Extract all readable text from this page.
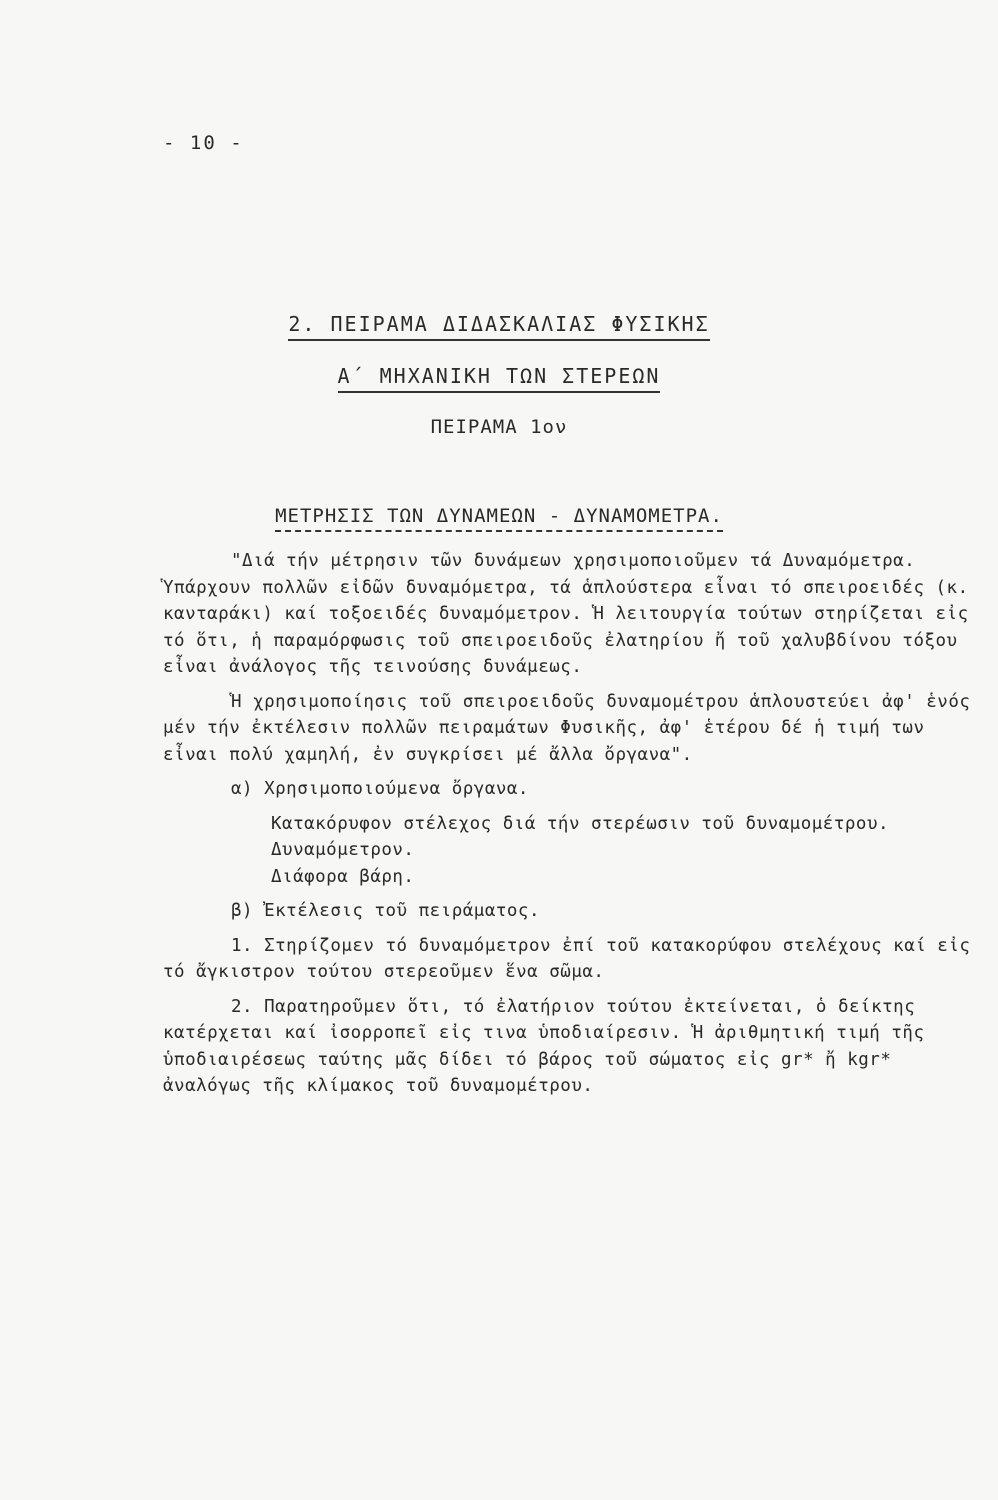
- 10 -
2. ΠΕΙΡΑΜΑ ΔΙΔΑΣΚΑΛΙΑΣ ΦΥΣΙΚΗΣ
Α΄ ΜΗΧΑΝΙΚΗ ΤΩΝ ΣΤΕΡΕΩΝ
ΠΕΙΡΑΜΑ 1ον
ΜΕΤΡΗΣΙΣ ΤΩΝ ΔΥΝΑΜΕΩΝ - ΔΥΝΑΜΟΜΕΤΡΑ.

"Διά τήν μέτρησιν τῶν δυνάμεων χρησιμοποιοῦμεν τά Δυναμόμετρα. Ὑπάρχουν πολλῶν εἰδῶν δυναμόμετρα, τά ἁπλούστερα εἶναι τό σπειροειδές (κ. κανταράκι) καί τοξοειδές δυναμόμετρον. Ἡ λειτουργία τούτων στηρίζεται εἰς τό ὅτι, ἡ παραμόρφωσις τοῦ σπειροειδοῦς ἐλατηρίου ἤ τοῦ χαλυβδίνου τόξου εἶναι ἀνάλογος τῆς τεινούσης δυνάμεως.

Ἡ χρησιμοποίησις τοῦ σπειροειδοῦς δυναμομέτρου ἁπλουστεύει ἀφ' ἑνός μέν τήν ἐκτέλεσιν πολλῶν πειραμάτων Φυσικῆς, ἀφ' ἑτέρου δέ ἡ τιμή των εἶναι πολύ χαμηλή, ἐν συγκρίσει μέ ἄλλα ὄργανα".

α) Χρησιμοποιούμενα ὄργανα.

Κατακόρυφον στέλεχος διά τήν στερέωσιν τοῦ δυναμομέτρου.

Δυναμόμετρον.

Διάφορα βάρη.

β) Ἐκτέλεσις τοῦ πειράματος.

1. Στηρίζομεν τό δυναμόμετρον ἐπί τοῦ κατακορύφου στελέχους καί εἰς τό ἄγκιστρον τούτου στερεοῦμεν ἕνα σῶμα.

2. Παρατηροῦμεν ὅτι, τό ἐλατήριον τούτου ἐκτείνεται, ὁ δείκτης κατέρχεται καί ἰσορροπεῖ εἰς τινα ὑποδιαίρεσιν. Ἡ ἀριθμητική τιμή τῆς ὑποδιαιρέσεως ταύτης μᾶς δίδει τό βάρος τοῦ σώματος εἰς gr* ἤ kgr* ἀναλόγως τῆς κλίμακος τοῦ δυναμομέτρου.
